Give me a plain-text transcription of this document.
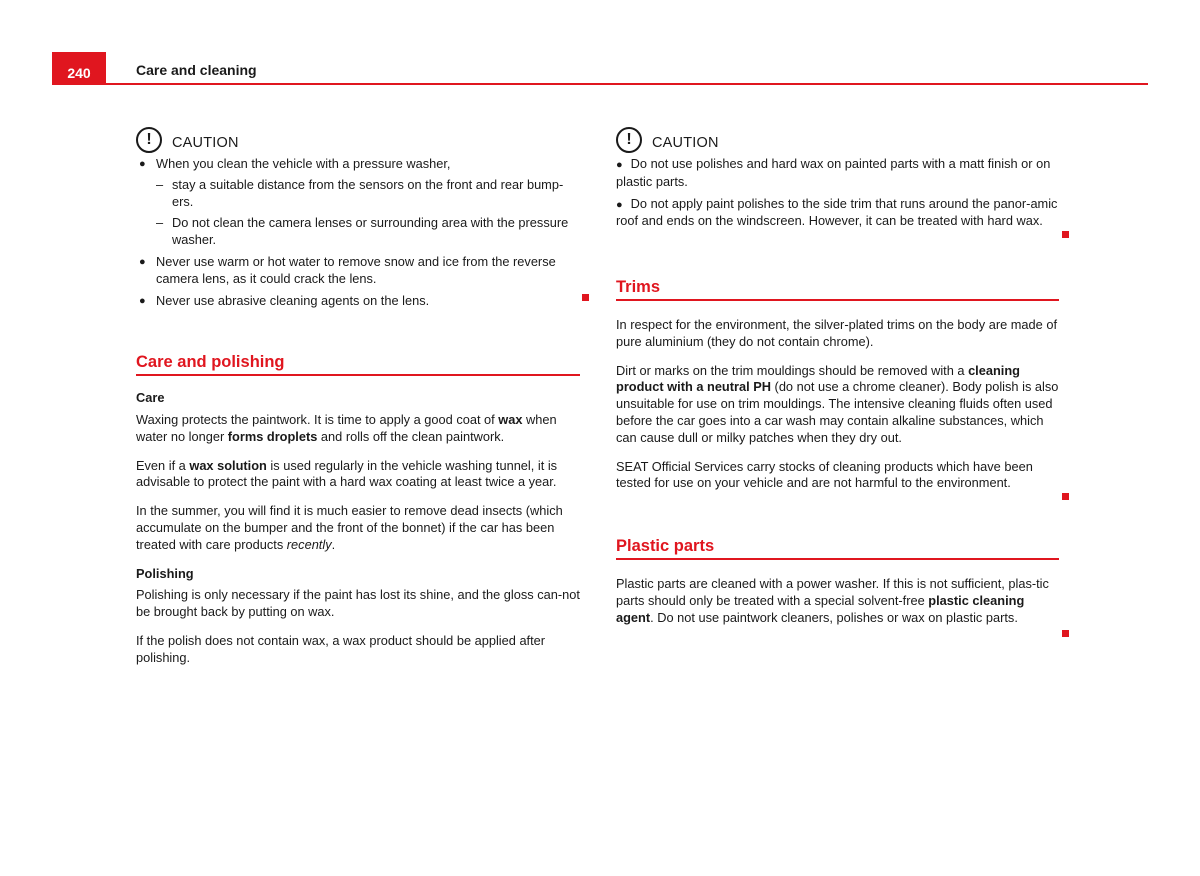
240	Care and cleaning
!	CAUTION
● When you clean the vehicle with a pressure washer,
– stay a suitable distance from the sensors on the front and rear bump-ers.
– Do not clean the camera lenses or surrounding area with the pressure washer.
● Never use warm or hot water to remove snow and ice from the reverse camera lens, as it could crack the lens.
● Never use abrasive cleaning agents on the lens.
Care and polishing
Care

Waxing protects the paintwork. It is time to apply a good coat of wax when water no longer forms droplets and rolls off the clean paintwork.

Even if a wax solution is used regularly in the vehicle washing tunnel, it is advisable to protect the paint with a hard wax coating at least twice a year.

In the summer, you will find it is much easier to remove dead insects (which accumulate on the bumper and the front of the bonnet) if the car has been treated with care products recently.

Polishing

Polishing is only necessary if the paint has lost its shine, and the gloss can-not be brought back by putting on wax.

If the polish does not contain wax, a wax product should be applied after polishing.

!	CAUTION
● Do not use polishes and hard wax on painted parts with a matt finish or on plastic parts.
● Do not apply paint polishes to the side trim that runs around the panor-amic roof and ends on the windscreen. However, it can be treated with hard wax.
Trims

In respect for the environment, the silver-plated trims on the body are made of pure aluminium (they do not contain chrome).

Dirt or marks on the trim mouldings should be removed with a cleaning product with a neutral PH (do not use a chrome cleaner). Body polish is also unsuitable for use on trim mouldings. The intensive cleaning fluids often used before the car goes into a car wash may contain alkaline substances, which can cause dull or milky patches when they dry out.

SEAT Official Services carry stocks of cleaning products which have been tested for use on your vehicle and are not harmful to the environment.

Plastic parts

Plastic parts are cleaned with a power washer. If this is not sufficient, plas-tic parts should only be treated with a special solvent-free plastic cleaning agent. Do not use paintwork cleaners, polishes or wax on plastic parts.
